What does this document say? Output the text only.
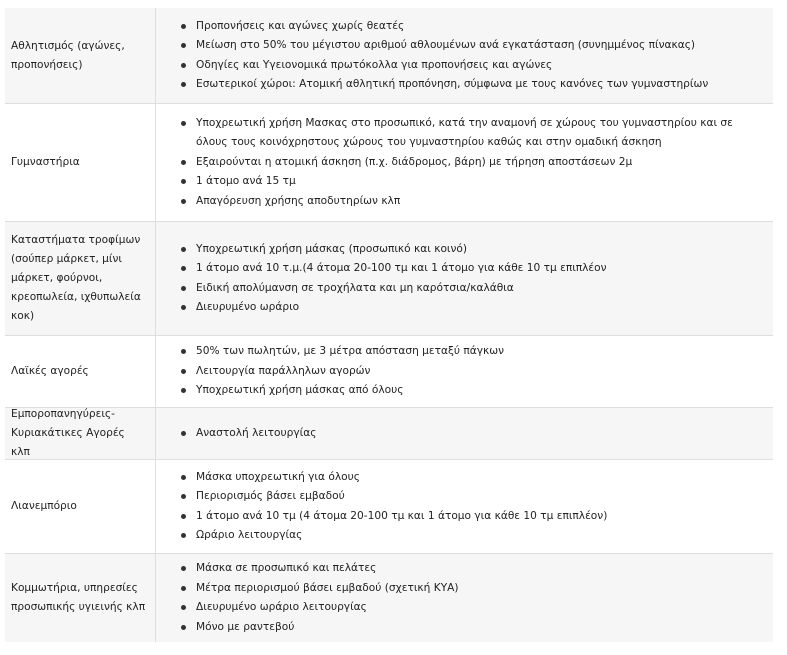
Αθλητισμός (αγώνες, προπονήσεις)
Προπονήσεις και αγώνες χωρίς θεατές
Μείωση στο 50% του μέγιστου αριθμού αθλουμένων ανά εγκατάσταση (συνημμένος πίνακας)
Οδηγίες και Υγειονομικά πρωτόκολλα για προπονήσεις και αγώνες
Εσωτερικοί χώροι: Ατομική αθλητική προπόνηση, σύμφωνα με τους κανόνες των γυμναστηρίων
Γυμναστήρια
Υποχρεωτική χρήση Μασκας στο προσωπικό, κατά την αναμονή σε χώρους του γυμναστηρίου και σε όλους τους κοινόχρηστους χώρους του γυμναστηρίου καθώς και στην ομαδική άσκηση
Εξαιρούνται η ατομική άσκηση (π.χ. διάδρομος, βάρη) με τήρηση αποστάσεων 2μ
1 άτομο ανά 15 τμ
Απαγόρευση χρήσης αποδυτηρίων κλπ
Καταστήματα τροφίμων (σούπερ μάρκετ, μίνι μάρκετ, φούρνοι, κρεοπωλεία, ιχθυπωλεία κοκ)
Υποχρεωτική χρήση μάσκας (προσωπικό και κοινό)
1 άτομο ανά 10 τ.μ.(4 άτομα 20-100 τμ και 1 άτομο για κάθε 10 τμ επιπλέον
Ειδική απολύμανση σε τροχήλατα και μη καρότσια/καλάθια
Διευρυμένο ωράριο
Λαϊκές αγορές
50% των πωλητών, με 3 μέτρα απόσταση μεταξύ πάγκων
Λειτουργία παράλληλων αγορών
Υποχρεωτική χρήση μάσκας από όλους
Εμποροπανηγύρεις-Κυριακάτικες Αγορές κλπ
Αναστολή λειτουργίας
Λιανεμπόριο
Μάσκα υποχρεωτική για όλους
Περιορισμός βάσει εμβαδού
1 άτομο ανά 10 τμ (4 άτομα 20-100 τμ και 1 άτομο για κάθε 10 τμ επιπλέον)
Ωράριο λειτουργίας
Κομμωτήρια, υπηρεσίες προσωπικής υγιεινής κλπ
Μάσκα σε προσωπικό και πελάτες
Μέτρα περιορισμού βάσει εμβαδού (σχετική ΚΥΑ)
Διευρυμένο ωράριο λειτουργίας
Μόνο με ραντεβού
